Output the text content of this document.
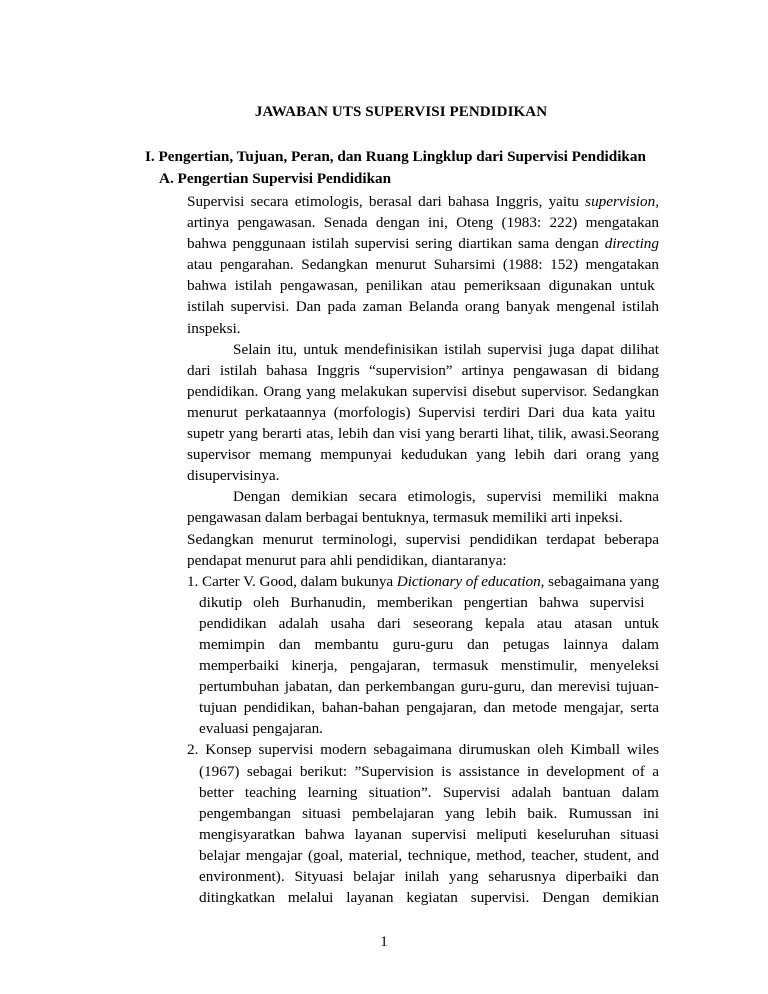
JAWABAN UTS SUPERVISI PENDIDIKAN
I. Pengertian, Tujuan, Peran, dan Ruang Lingklup dari Supervisi Pendidikan
A. Pengertian Supervisi Pendidikan
Supervisi secara etimologis, berasal dari bahasa Inggris, yaitu supervision,
artinya pengawasan. Senada dengan ini, Oteng (1983: 222) mengatakan
bahwa penggunaan istilah supervisi sering diartikan sama dengan directing
atau pengarahan. Sedangkan menurut Suharsimi (1988: 152) mengatakan
bahwa istilah pengawasan, penilikan atau pemeriksaan digunakan untuk
istilah supervisi. Dan pada zaman Belanda orang banyak mengenal istilah
inspeksi.
Selain itu, untuk mendefinisikan istilah supervisi juga dapat dilihat
dari istilah bahasa Inggris “supervision” artinya pengawasan di bidang
pendidikan. Orang yang melakukan supervisi disebut supervisor. Sedangkan
menurut perkataannya (morfologis) Supervisi terdiri Dari dua kata yaitu
supetr yang berarti atas, lebih dan visi yang berarti lihat, tilik, awasi.Seorang
supervisor memang mempunyai kedudukan yang lebih dari orang yang
disupervisinya.
Dengan demikian secara etimologis, supervisi memiliki makna
pengawasan dalam berbagai bentuknya, termasuk memiliki arti inpeksi.
Sedangkan menurut terminologi, supervisi pendidikan terdapat beberapa
pendapat menurut para ahli pendidikan, diantaranya:
1. Carter V. Good, dalam bukunya Dictionary of education, sebagaimana yang
dikutip oleh Burhanudin, memberikan pengertian bahwa supervisi
pendidikan adalah usaha dari seseorang kepala atau atasan untuk
memimpin dan membantu guru-guru dan petugas lainnya dalam
memperbaiki kinerja, pengajaran, termasuk menstimulir, menyeleksi
pertumbuhan jabatan, dan perkembangan guru-guru, dan merevisi tujuan-
tujuan pendidikan, bahan-bahan pengajaran, dan metode mengajar, serta
evaluasi pengajaran.
2. Konsep supervisi modern sebagaimana dirumuskan oleh Kimball wiles
(1967) sebagai berikut: ”Supervision is assistance in development of a
better teaching learning situation”. Supervisi adalah bantuan dalam
pengembangan situasi pembelajaran yang lebih baik. Rumussan ini
mengisyaratkan bahwa layanan supervisi meliputi keseluruhan situasi
belajar mengajar (goal, material, technique, method, teacher, student, and
environment). Sityuasi belajar inilah yang seharusnya diperbaiki dan
ditingkatkan melalui layanan kegiatan supervisi. Dengan demikian
1
